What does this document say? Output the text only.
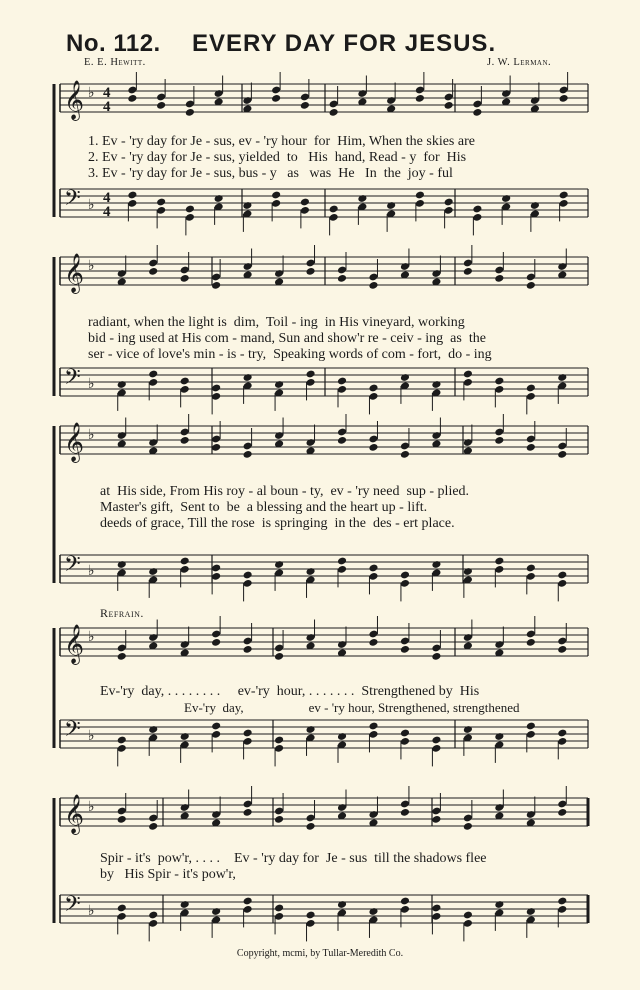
No. 112. EVERY DAY FOR JESUS.
E. E. Hewitt.	J. W. Lerman.
𝄞 ♭
𝄢 ♭
𝄞 ♭
𝄢 ♭
𝄞 ♭
𝄢 ♭
𝄞 ♭
𝄢 ♭
𝄞 ♭
𝄢 ♭
4
4
4
4
1. Ev - 'ry day for Je - sus, ev - 'ry hour  for  Him, When the skies are
2. Ev - 'ry day for Je - sus, yielded  to   His  hand, Read - y  for  His
3. Ev - 'ry day for Je - sus, bus - y   as   was  He   In  the  joy - ful
radiant, when the light is  dim,  Toil - ing  in His vineyard, working
bid - ing used at His com - mand, Sun and show'r re - ceiv - ing  as  the
ser - vice of love's min - is - try,  Speaking words of com - fort,  do - ing
at  His side, From His roy - al boun - ty,  ev - 'ry need  sup - plied.
Master's gift,  Sent to  be  a blessing and the heart up - lift.
deeds of grace, Till the rose  is springing  in the  des - ert place.
Refrain.
Ev-'ry  day, . . . . . . . .     ev-'ry  hour, . . . . . . .  Strengthened by  His
Ev-'ry  day,                    ev - 'ry hour, Strengthened, strengthened
Spir - it's  pow'r, . . . .    Ev - 'ry day for  Je - sus  till the shadows flee
by   His Spir - it's pow'r,
Copyright, mcmi, by Tullar-Meredith Co.
